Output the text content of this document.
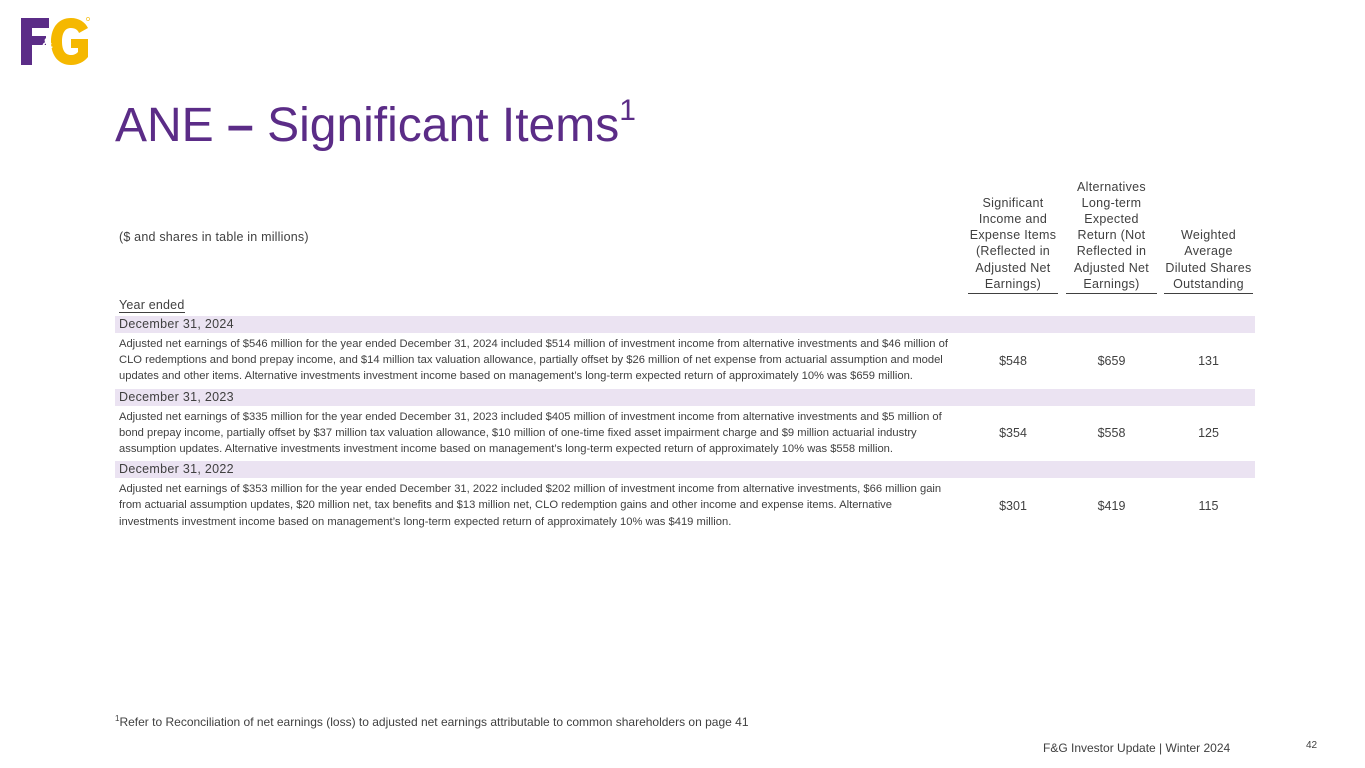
&
ANE – Significant Items$^1$
($ and shares in table in millions)
Significant Income and Expense Items (Reflected in Adjusted Net Earnings)
Alternatives Long-term Expected Return (Not Reflected in Adjusted Net Earnings)
Weighted Average Diluted Shares Outstanding
Year ended
December 31, 2024
Adjusted net earnings of $546 million for the year ended December 31, 2024 included $514 million of investment income from alternative investments and $46 million of CLO redemptions and bond prepay income, and $14 million tax valuation allowance, partially offset by $26 million of net expense from actuarial assumption and model updates and other items. Alternative investments investment income based on management’s long-term expected return of approximately 10% was $659 million.
$548	$659	131
December 31, 2023
Adjusted net earnings of $335 million for the year ended December 31, 2023 included $405 million of investment income from alternative investments and $5 million of bond prepay income, partially offset by $37 million tax valuation allowance, $10 million of one-time fixed asset impairment charge and $9 million actuarial industry assumption updates. Alternative investments investment income based on management’s long-term expected return of approximately 10% was $558 million.
$354	$558	125
December 31, 2022
Adjusted net earnings of $353 million for the year ended December 31, 2022 included $202 million of investment income from alternative investments, $66 million gain from actuarial assumption updates, $20 million net, tax benefits and $13 million net, CLO redemption gains and other income and expense items. Alternative investments investment income based on management’s long-term expected return of approximately 10% was $419 million.
$301	$419	115
$^1$Refer to Reconciliation of net earnings (loss) to adjusted net earnings attributable to common shareholders on page 41
F&G Investor Update | Winter 2024	42
